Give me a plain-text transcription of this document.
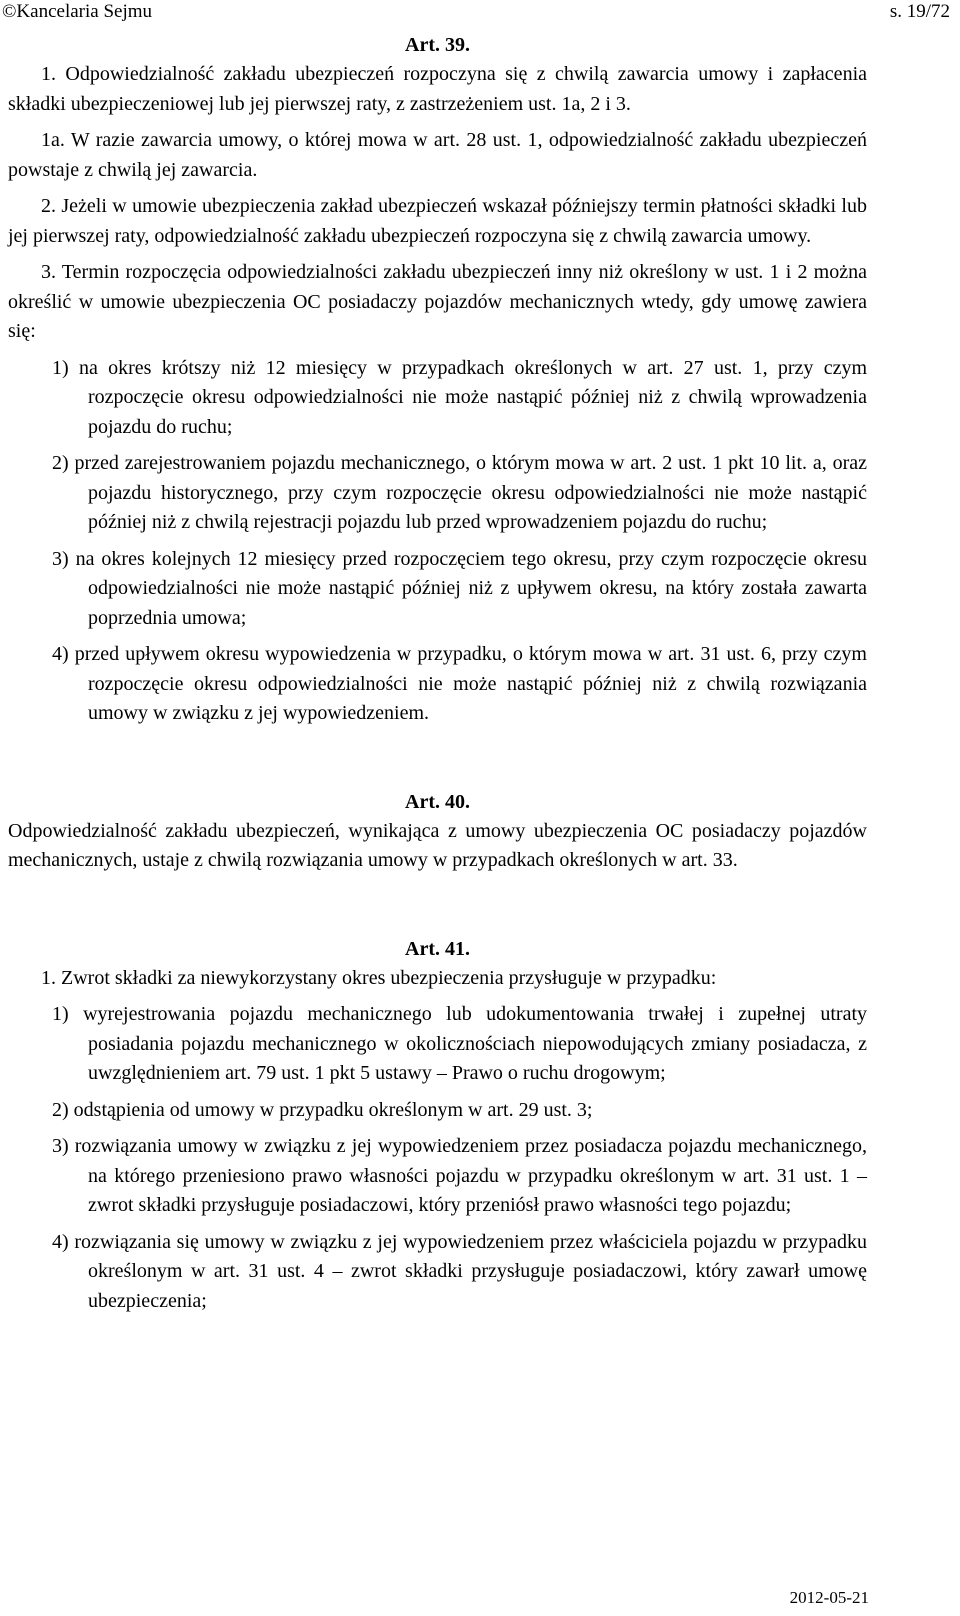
©Kancelaria Sejmu	s. 19/72

Art. 39.

1. Odpowiedzialność zakładu ubezpieczeń rozpoczyna się z chwilą zawarcia umowy i zapłacenia składki ubezpieczeniowej lub jej pierwszej raty, z zastrzeżeniem ust. 1a, 2 i 3.

1a. W razie zawarcia umowy, o której mowa w art. 28 ust. 1, odpowiedzialność zakładu ubezpieczeń powstaje z chwilą jej zawarcia.

2. Jeżeli w umowie ubezpieczenia zakład ubezpieczeń wskazał późniejszy termin płatności składki lub jej pierwszej raty, odpowiedzialność zakładu ubezpieczeń rozpoczyna się z chwilą zawarcia umowy.

3. Termin rozpoczęcia odpowiedzialności zakładu ubezpieczeń inny niż określony w ust. 1 i 2 można określić w umowie ubezpieczenia OC posiadaczy pojazdów mechanicznych wtedy, gdy umowę zawiera się:

1) na okres krótszy niż 12 miesięcy w przypadkach określonych w art. 27 ust. 1, przy czym rozpoczęcie okresu odpowiedzialności nie może nastąpić później niż z chwilą wprowadzenia pojazdu do ruchu;

2) przed zarejestrowaniem pojazdu mechanicznego, o którym mowa w art. 2 ust. 1 pkt 10 lit. a, oraz pojazdu historycznego, przy czym rozpoczęcie okresu odpowiedzialności nie może nastąpić później niż z chwilą rejestracji pojazdu lub przed wprowadzeniem pojazdu do ruchu;

3) na okres kolejnych 12 miesięcy przed rozpoczęciem tego okresu, przy czym rozpoczęcie okresu odpowiedzialności nie może nastąpić później niż z upływem okresu, na który została zawarta poprzednia umowa;

4) przed upływem okresu wypowiedzenia w przypadku, o którym mowa w art. 31 ust. 6, przy czym rozpoczęcie okresu odpowiedzialności nie może nastąpić później niż z chwilą rozwiązania umowy w związku z jej wypowiedzeniem.

Art. 40.

Odpowiedzialność zakładu ubezpieczeń, wynikająca z umowy ubezpieczenia OC posiadaczy pojazdów mechanicznych, ustaje z chwilą rozwiązania umowy w przypadkach określonych w art. 33.

Art. 41.

1. Zwrot składki za niewykorzystany okres ubezpieczenia przysługuje w przypadku:

1) wyrejestrowania pojazdu mechanicznego lub udokumentowania trwałej i zupełnej utraty posiadania pojazdu mechanicznego w okolicznościach niepowodujących zmiany posiadacza, z uwzględnieniem art. 79 ust. 1 pkt 5 ustawy – Prawo o ruchu drogowym;

2) odstąpienia od umowy w przypadku określonym w art. 29 ust. 3;

3) rozwiązania umowy w związku z jej wypowiedzeniem przez posiadacza pojazdu mechanicznego, na którego przeniesiono prawo własności pojazdu w przypadku określonym w art. 31 ust. 1 – zwrot składki przysługuje posiadaczowi, który przeniósł prawo własności tego pojazdu;

4) rozwiązania się umowy w związku z jej wypowiedzeniem przez właściciela pojazdu w przypadku określonym w art. 31 ust. 4 – zwrot składki przysługuje posiadaczowi, który zawarł umowę ubezpieczenia;

2012-05-21
